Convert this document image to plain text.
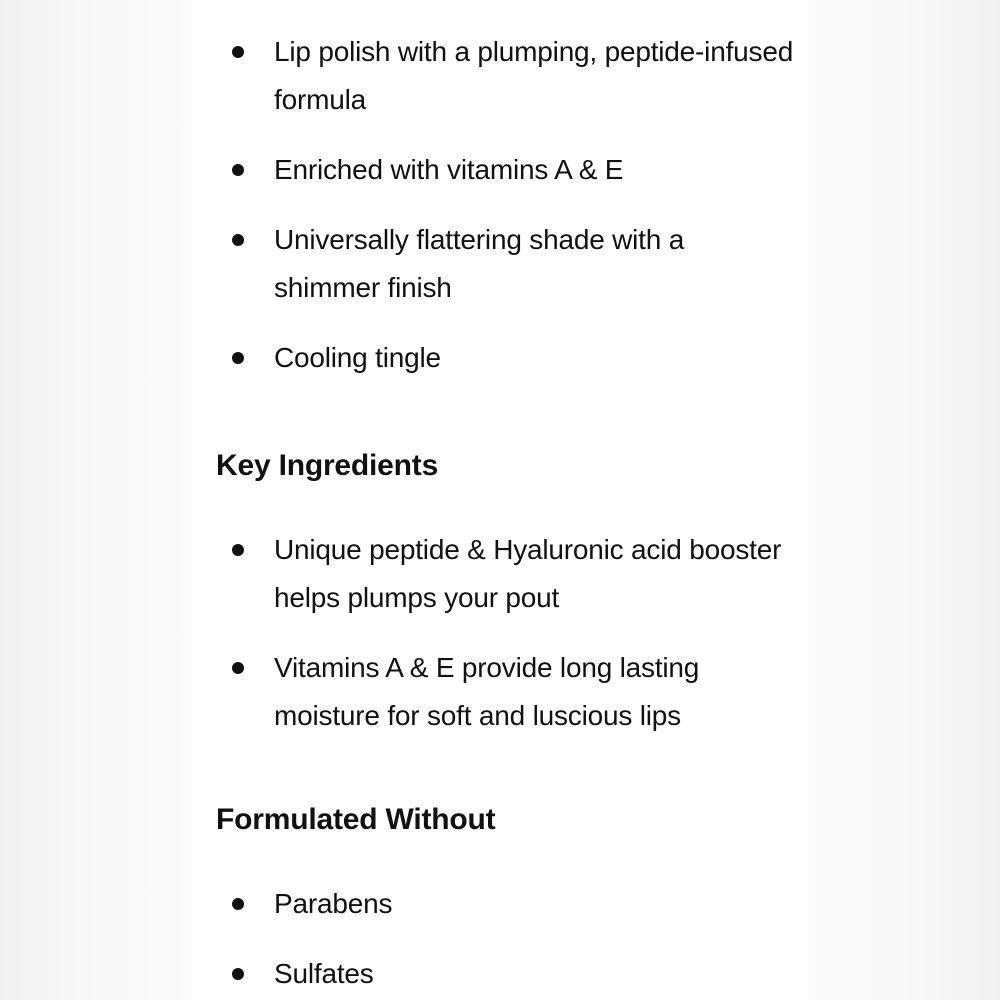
Lip polish with a plumping, peptide-infused formula
Enriched with vitamins A & E
Universally flattering shade with a shimmer finish
Cooling tingle
Key Ingredients
Unique peptide & Hyaluronic acid booster helps plumps your pout
Vitamins A & E provide long lasting moisture for soft and luscious lips
Formulated Without
Parabens
Sulfates
